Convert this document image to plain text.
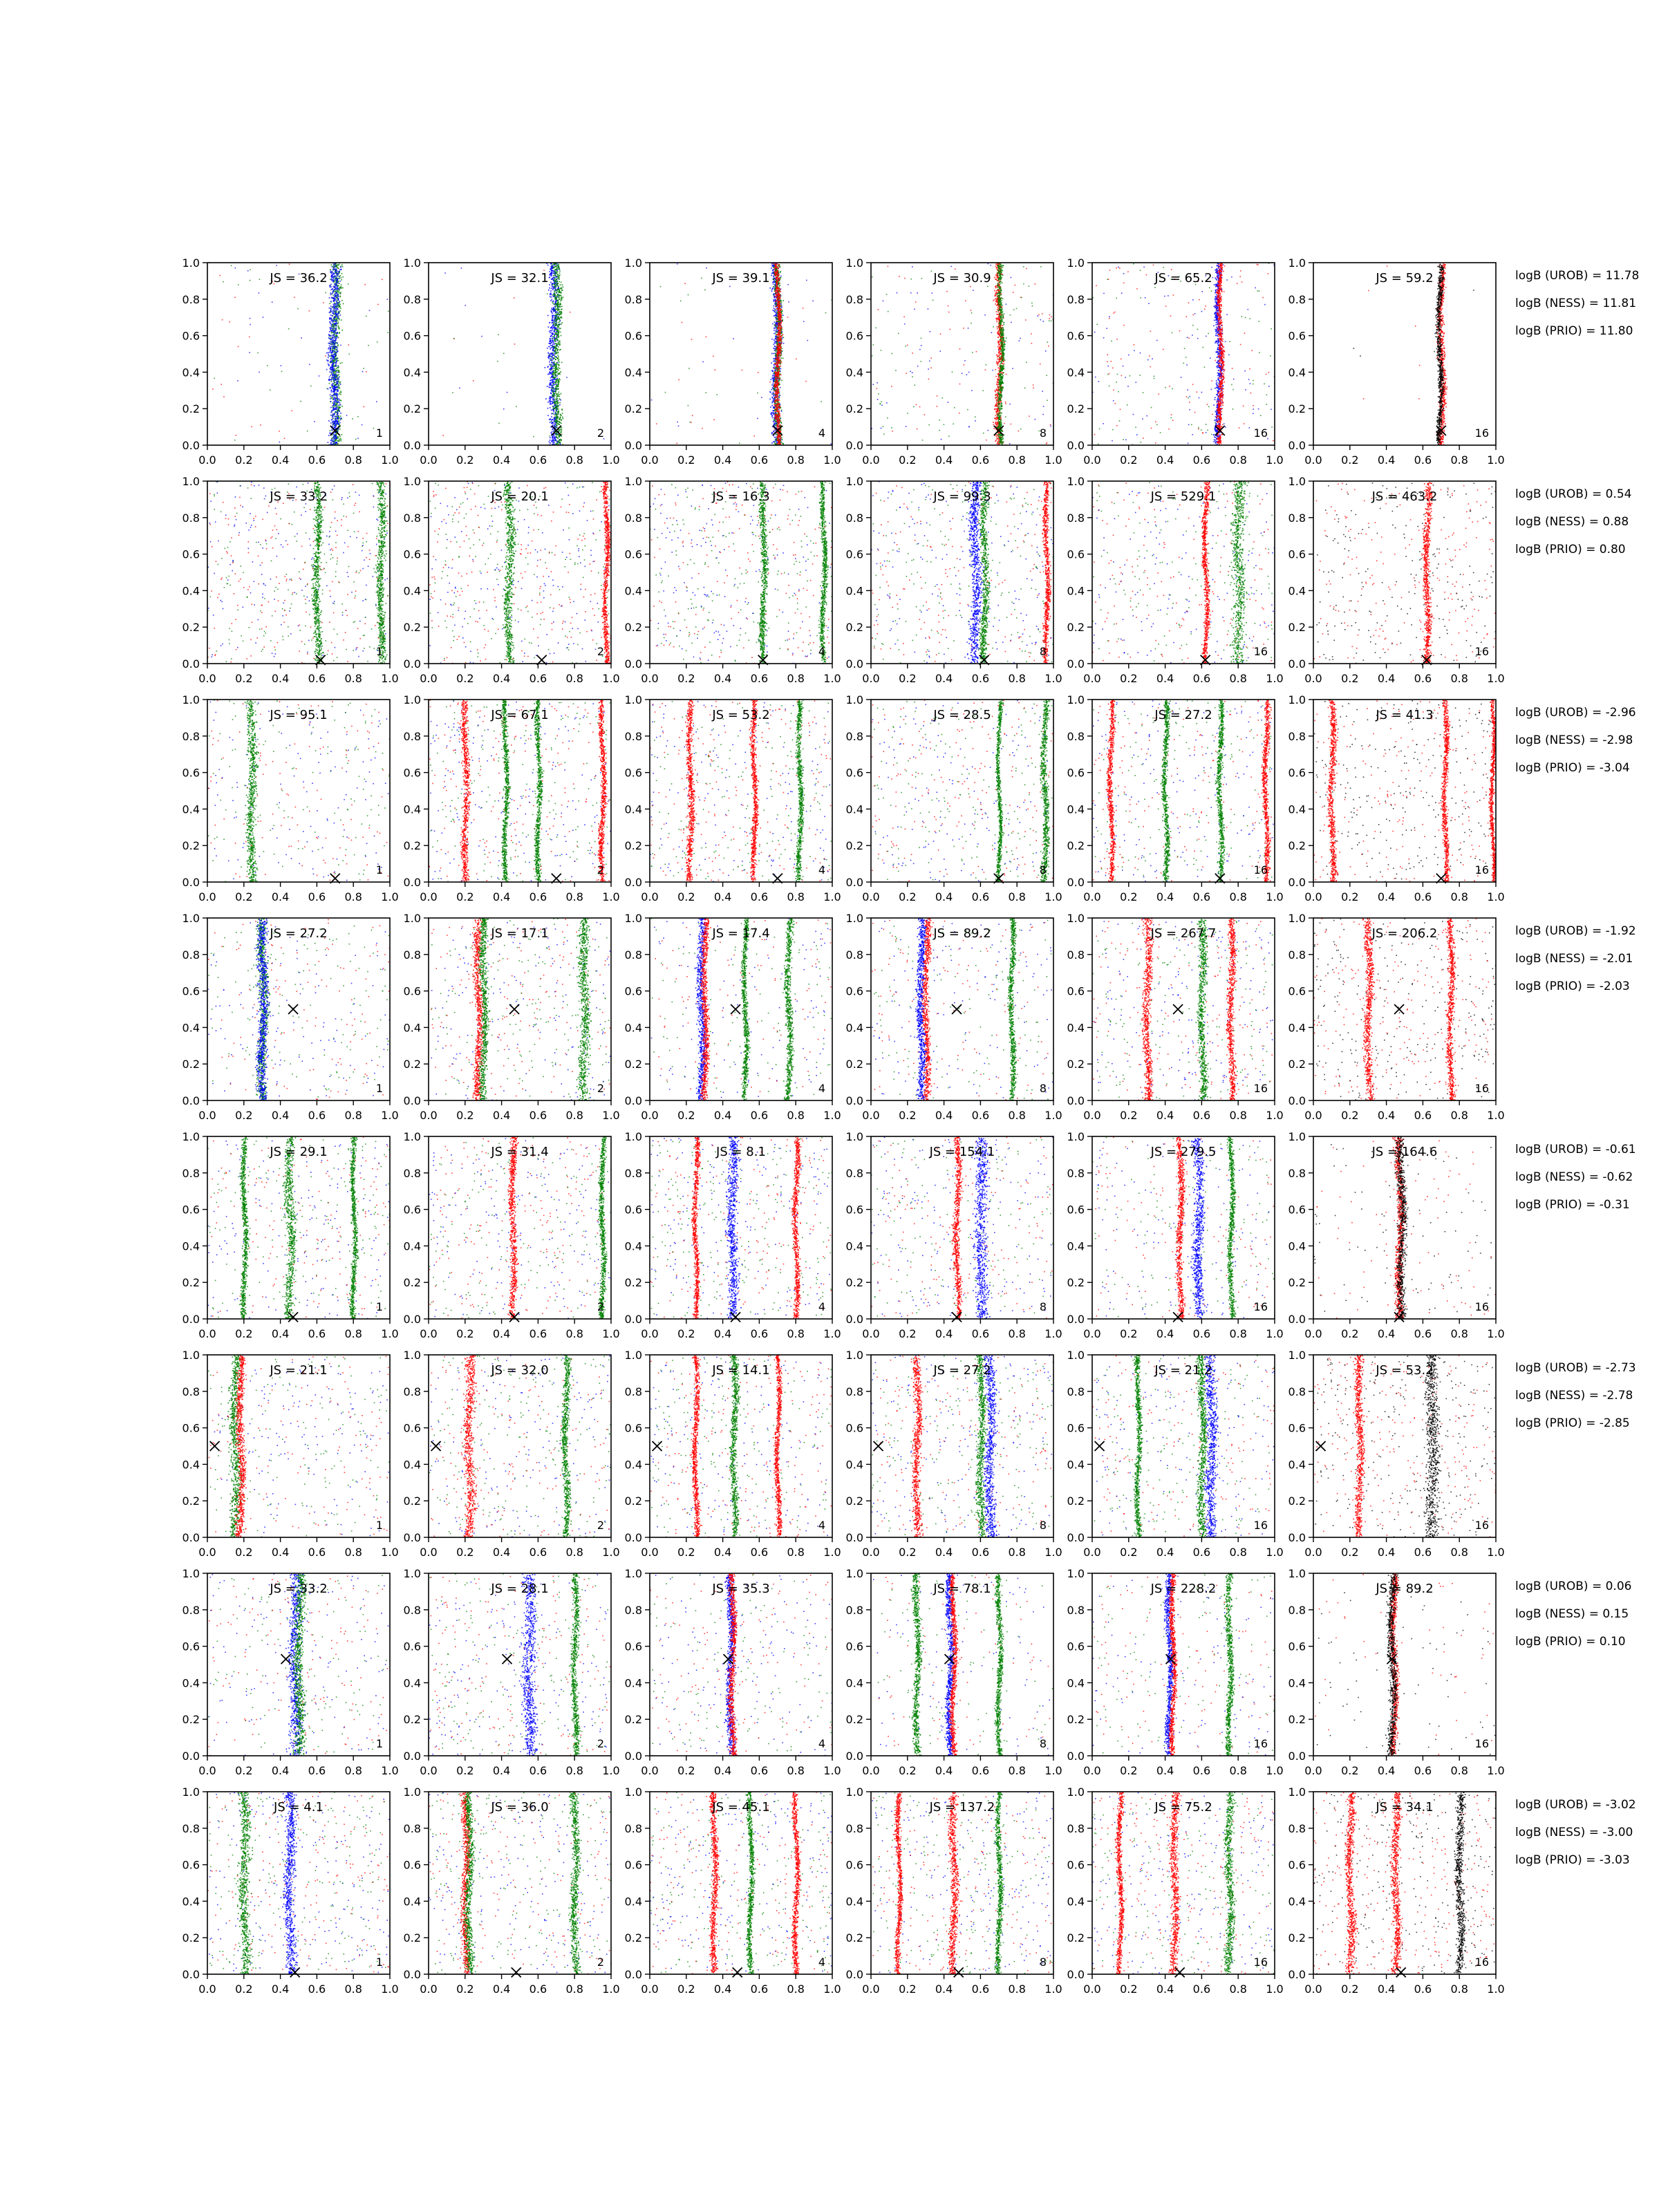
0.0 0.2 0.4 0.6 0.8 1.0
0.0
0.2
0.4
0.6
0.8
1.0
JS = 36.2
1
0.0 0.2 0.4 0.6 0.8 1.0
0.0
0.2
0.4
0.6
0.8
1.0
JS = 32.1
2
0.0 0.2 0.4 0.6 0.8 1.0
0.0
0.2
0.4
0.6
0.8
1.0
JS = 39.1
4
0.0 0.2 0.4 0.6 0.8 1.0
0.0
0.2
0.4
0.6
0.8
1.0
JS = 30.9
8
0.0 0.2 0.4 0.6 0.8 1.0
0.0
0.2
0.4
0.6
0.8
1.0
JS = 65.2
16
0.0 0.2 0.4 0.6 0.8 1.0
0.0
0.2
0.4
0.6
0.8
1.0
JS = 59.2
16
logB (UROB) = 11.78
logB (NESS) = 11.81
logB (PRIO) = 11.80
0.0 0.2 0.4 0.6 0.8 1.0
0.0
0.2
0.4
0.6
0.8
1.0
JS = 33.2
1
0.0 0.2 0.4 0.6 0.8 1.0
0.0
0.2
0.4
0.6
0.8
1.0
JS = 20.1
2
0.0 0.2 0.4 0.6 0.8 1.0
0.0
0.2
0.4
0.6
0.8
1.0
JS = 16.3
4
0.0 0.2 0.4 0.6 0.8 1.0
0.0
0.2
0.4
0.6
0.8
1.0
JS = 99.3
8
0.0 0.2 0.4 0.6 0.8 1.0
0.0
0.2
0.4
0.6
0.8
1.0
JS = 529.1
16
0.0 0.2 0.4 0.6 0.8 1.0
0.0
0.2
0.4
0.6
0.8
1.0
JS = 463.2
16
logB (UROB) = 0.54
logB (NESS) = 0.88
logB (PRIO) = 0.80
0.0 0.2 0.4 0.6 0.8 1.0
0.0
0.2
0.4
0.6
0.8
1.0
JS = 95.1
1
0.0 0.2 0.4 0.6 0.8 1.0
0.0
0.2
0.4
0.6
0.8
1.0
JS = 67.1
2
0.0 0.2 0.4 0.6 0.8 1.0
0.0
0.2
0.4
0.6
0.8
1.0
JS = 53.2
4
0.0 0.2 0.4 0.6 0.8 1.0
0.0
0.2
0.4
0.6
0.8
1.0
JS = 28.5
8
0.0 0.2 0.4 0.6 0.8 1.0
0.0
0.2
0.4
0.6
0.8
1.0
JS = 27.2
16
0.0 0.2 0.4 0.6 0.8 1.0
0.0
0.2
0.4
0.6
0.8
1.0
JS = 41.3
16
logB (UROB) = -2.96
logB (NESS) = -2.98
logB (PRIO) = -3.04
0.0 0.2 0.4 0.6 0.8 1.0
0.0
0.2
0.4
0.6
0.8
1.0
JS = 27.2
1
0.0 0.2 0.4 0.6 0.8 1.0
0.0
0.2
0.4
0.6
0.8
1.0
JS = 17.1
2
0.0 0.2 0.4 0.6 0.8 1.0
0.0
0.2
0.4
0.6
0.8
1.0
JS = 17.4
4
0.0 0.2 0.4 0.6 0.8 1.0
0.0
0.2
0.4
0.6
0.8
1.0
JS = 89.2
8
0.0 0.2 0.4 0.6 0.8 1.0
0.0
0.2
0.4
0.6
0.8
1.0
JS = 267.7
16
0.0 0.2 0.4 0.6 0.8 1.0
0.0
0.2
0.4
0.6
0.8
1.0
JS = 206.2
16
logB (UROB) = -1.92
logB (NESS) = -2.01
logB (PRIO) = -2.03
0.0 0.2 0.4 0.6 0.8 1.0
0.0
0.2
0.4
0.6
0.8
1.0
JS = 29.1
1
0.0 0.2 0.4 0.6 0.8 1.0
0.0
0.2
0.4
0.6
0.8
1.0
JS = 31.4
2
0.0 0.2 0.4 0.6 0.8 1.0
0.0
0.2
0.4
0.6
0.8
1.0
JS = 8.1
4
0.0 0.2 0.4 0.6 0.8 1.0
0.0
0.2
0.4
0.6
0.8
1.0
JS = 154.1
8
0.0 0.2 0.4 0.6 0.8 1.0
0.0
0.2
0.4
0.6
0.8
1.0
JS = 279.5
16
0.0 0.2 0.4 0.6 0.8 1.0
0.0
0.2
0.4
0.6
0.8
1.0
JS = 164.6
16
logB (UROB) = -0.61
logB (NESS) = -0.62
logB (PRIO) = -0.31
0.0 0.2 0.4 0.6 0.8 1.0
0.0
0.2
0.4
0.6
0.8
1.0
JS = 21.1
1
0.0 0.2 0.4 0.6 0.8 1.0
0.0
0.2
0.4
0.6
0.8
1.0
JS = 32.0
2
0.0 0.2 0.4 0.6 0.8 1.0
0.0
0.2
0.4
0.6
0.8
1.0
JS = 14.1
4
0.0 0.2 0.4 0.6 0.8 1.0
0.0
0.2
0.4
0.6
0.8
1.0
JS = 27.2
8
0.0 0.2 0.4 0.6 0.8 1.0
0.0
0.2
0.4
0.6
0.8
1.0
JS = 21.2
16
0.0 0.2 0.4 0.6 0.8 1.0
0.0
0.2
0.4
0.6
0.8
1.0
JS = 53.2
16
logB (UROB) = -2.73
logB (NESS) = -2.78
logB (PRIO) = -2.85
0.0 0.2 0.4 0.6 0.8 1.0
0.0
0.2
0.4
0.6
0.8
1.0
JS = 33.2
1
0.0 0.2 0.4 0.6 0.8 1.0
0.0
0.2
0.4
0.6
0.8
1.0
JS = 28.1
2
0.0 0.2 0.4 0.6 0.8 1.0
0.0
0.2
0.4
0.6
0.8
1.0
JS = 35.3
4
0.0 0.2 0.4 0.6 0.8 1.0
0.0
0.2
0.4
0.6
0.8
1.0
JS = 78.1
8
0.0 0.2 0.4 0.6 0.8 1.0
0.0
0.2
0.4
0.6
0.8
1.0
JS = 228.2
16
0.0 0.2 0.4 0.6 0.8 1.0
0.0
0.2
0.4
0.6
0.8
1.0
JS = 89.2
16
logB (UROB) = 0.06
logB (NESS) = 0.15
logB (PRIO) = 0.10
0.0 0.2 0.4 0.6 0.8 1.0
0.0
0.2
0.4
0.6
0.8
1.0
JS = 4.1
1
0.0 0.2 0.4 0.6 0.8 1.0
0.0
0.2
0.4
0.6
0.8
1.0
JS = 36.0
2
0.0 0.2 0.4 0.6 0.8 1.0
0.0
0.2
0.4
0.6
0.8
1.0
JS = 45.1
4
0.0 0.2 0.4 0.6 0.8 1.0
0.0
0.2
0.4
0.6
0.8
1.0
JS = 137.2
8
0.0 0.2 0.4 0.6 0.8 1.0
0.0
0.2
0.4
0.6
0.8
1.0
JS = 75.2
16
0.0 0.2 0.4 0.6 0.8 1.0
0.0
0.2
0.4
0.6
0.8
1.0
JS = 34.1
16
logB (UROB) = -3.02
logB (NESS) = -3.00
logB (PRIO) = -3.03
